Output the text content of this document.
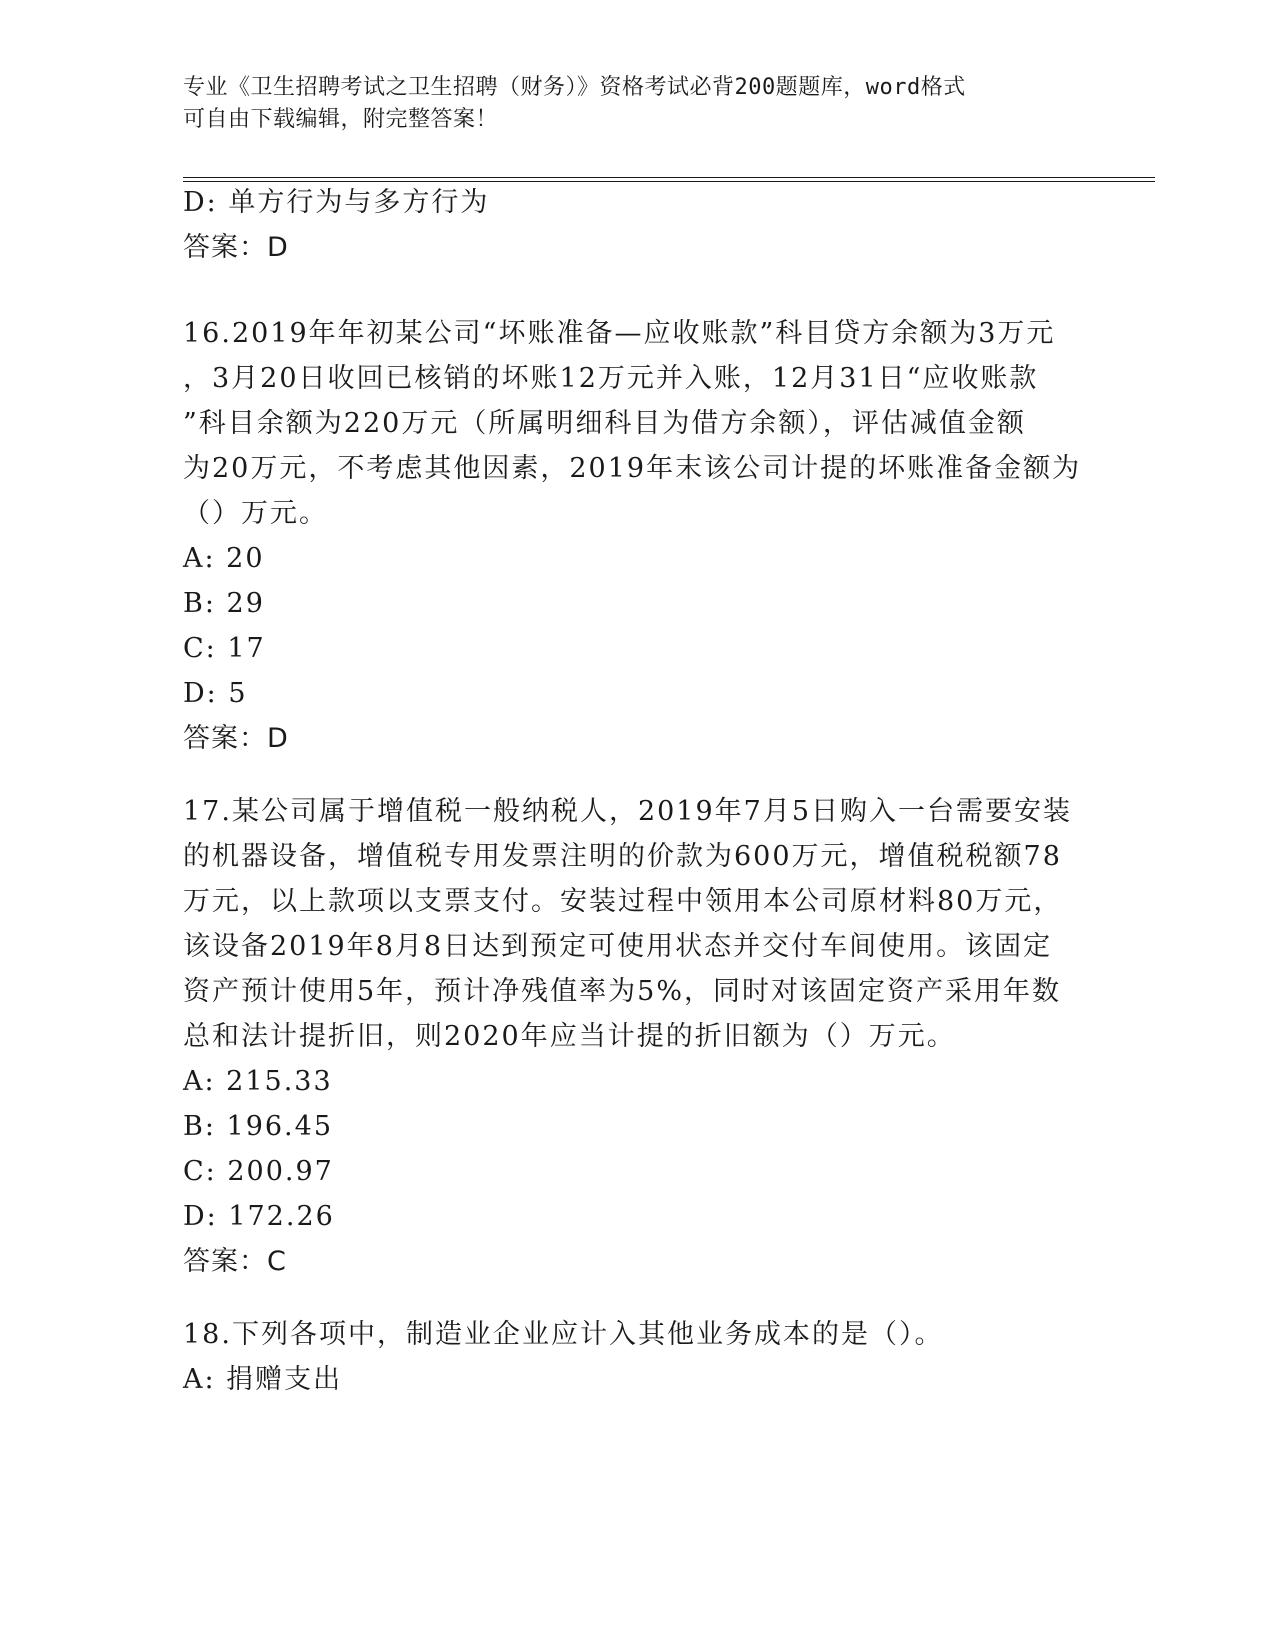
专业《卫生招聘考试之卫生招聘（财务）》资格考试必背200题题库，word格式
可自由下载编辑，附完整答案！
D: 单方行为与多方行为
答案：D
16.2019年年初某公司“坏账准备—应收账款”科目贷方余额为3万元
，3月20日收回已核销的坏账12万元并入账，12月31日“应收账款
”科目余额为220万元（所属明细科目为借方余额），评估减值金额
为20万元，不考虑其他因素，2019年末该公司计提的坏账准备金额为
（）万元。
A: 20
B: 29
C: 17
D: 5
答案：D
17.某公司属于增值税一般纳税人，2019年7月5日购入一台需要安装
的机器设备，增值税专用发票注明的价款为600万元，增值税税额78
万元，以上款项以支票支付。安装过程中领用本公司原材料80万元，
该设备2019年8月8日达到预定可使用状态并交付车间使用。该固定
资产预计使用5年，预计净残值率为5%，同时对该固定资产采用年数
总和法计提折旧，则2020年应当计提的折旧额为（）万元。
A: 215.33
B: 196.45
C: 200.97
D: 172.26
答案：C
18.下列各项中，制造业企业应计入其他业务成本的是（）。
A: 捐赠支出
